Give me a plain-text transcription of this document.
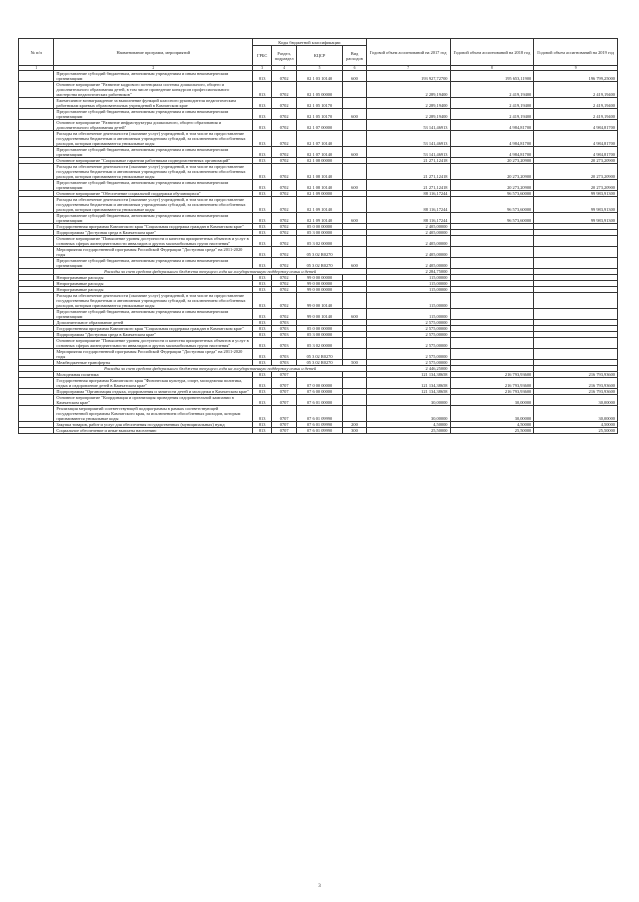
№ п/п	Наименование программ, мероприятий	Коды бюджетной классификации				Годовой объем ассигнований на 2017 год	Годовой объем ассигнований на 2018 год	Годовой объем ассигнований на 2019 год
		ГРБС	Раздел, подраздел	КЦСР	Вид расходов			
1	2	3	4	5	6	7	8	9
	Предоставление субсидий бюджетным, автономным учреждениям и иным некоммерческим организациям	813	0702	02 1 03 10140	600	193 927,72700	195 653,11900	196 799,25000
	Основное мероприятие "Развитие кадрового потенциала системы дошкольного, общего и дополнительного образования детей, в том числе проведение конкурсов профессионального мастерства педагогических работников"	813	0702	02 1 05 00000		2 289,19400	2 419,19400	2 419,19400
	Ежемесячное вознаграждение за выполнение функций классного руководителя педагогическим работникам краевых образовательных учреждений в Камчатском крае	813	0702	02 1 05 10170		2 289,19400	2 419,19400	2 419,19400
	Предоставление субсидий бюджетным, автономным учреждениям и иным некоммерческим организациям	813	0702	02 1 05 10170	600	2 289,19400	2 419,19400	2 419,19400
	Основное мероприятие "Развитие инфраструктуры дошкольного, общего образования и дополнительного образования детей"	813	0702	02 1 07 00000		53 141,46913	4 984,81700	4 984,81700
	Расходы на обеспечение деятельности (оказание услуг) учреждений, в том числе на предоставление государственным бюджетным и автономным учреждениям субсидий, за исключением обособленных расходов, которым присваиваются уникальные коды	813	0702	02 1 07 10140		53 141,46913	4 984,81700	4 984,81700
	Предоставление субсидий бюджетным, автономным учреждениям и иным некоммерческим организациям	813	0702	02 1 07 10140	600	53 141,46913	4 984,81700	4 984,81700
	Основное мероприятие "Социальные гарантии работникам подведомственных организаций"	813	0702	02 1 08 00000		21 271,12418	20 273,20900	20 273,20900
	Расходы на обеспечение деятельности (оказание услуг) учреждений, в том числе на предоставление государственным бюджетным и автономным учреждениям субсидий, за исключением обособленных расходов, которым присваиваются уникальные коды	813	0702	02 1 08 10140		21 271,12418	20 273,20900	20 273,20900
	Предоставление субсидий бюджетным, автономным учреждениям и иным некоммерческим организациям	813	0702	02 1 08 10140	600	21 271,12418	20 273,20900	20 273,20900
	Основное мероприятие "Обеспечение социальной поддержки обучающихся"	813	0702	02 1 09 00000		88 116,17244	96 573,60000	99 983,91300
	Расходы на обеспечение деятельности (оказание услуг) учреждений, в том числе на предоставление государственным бюджетным и автономным учреждениям субсидий, за исключением обособленных расходов, которым присваиваются уникальные коды	813	0702	02 1 09 10140		88 116,17244	96 573,60000	99 983,91300
	Предоставление субсидий бюджетным, автономным учреждениям и иным некоммерческим организациям	813	0702	02 1 09 10140	600	88 116,17244	96 573,60000	99 983,91300
	Государственная программа Камчатского края "Социальная поддержка граждан в Камчатском крае"	813	0702	05 0 00 00000		2 405,00000		
	Подпрограмма "Доступная среда в Камчатском крае"	813	0702	05 3 00 00000		2 405,00000		
	Основное мероприятие "Повышение уровня доступности и качества приоритетных объектов и услуг в основных сферах жизнедеятельности инвалидов и других маломобильных групп населения"	813	0702	05 3 02 00000		2 405,00000		
	Мероприятия государственной программы Российской Федерации "Доступная среда" на 2011-2020 годы	813	0702	05 3 02 R0270		2 405,00000		
	Предоставление субсидий бюджетным, автономным учреждениям и иным некоммерческим организациям	813	0702	05 3 02 R0270	600	2 405,00000		
	Расходы за счет средств федерального бюджета текущего года на государственную поддержку семьи и детей					2 284,75000		
	Непрограммные расходы	813	0702	99 0 00 00000		115,00000		
	Непрограммные расходы	813	0702	99 0 00 00000		115,00000		
	Непрограммные расходы	813	0702	99 0 00 00000		115,00000		
	Расходы на обеспечение деятельности (оказание услуг) учреждений, в том числе на предоставление государственным бюджетным и автономным учреждениям субсидий, за исключением обособленных расходов, которым присваиваются уникальные коды	813	0702	99 0 00 10140		115,00000		
	Предоставление субсидий бюджетным, автономным учреждениям и иным некоммерческим организациям	813	0702	99 0 00 10140	600	115,00000		
	Дополнительное образование детей	813	0703			2 575,00000		
	Государственная программа Камчатского края "Социальная поддержка граждан в Камчатском крае"	813	0703	05 0 00 00000		2 575,00000		
	Подпрограмма "Доступная среда в Камчатском крае"	813	0703	05 3 00 00000		2 575,00000		
	Основное мероприятие "Повышение уровня доступности и качества приоритетных объектов и услуг в основных сферах жизнедеятельности инвалидов и других маломобильных групп населения"	813	0703	05 3 02 00000		2 575,00000		
	Мероприятия государственной программы Российской Федерации "Доступная среда" на 2011-2020 годы	813	0703	05 3 02 R0270		2 575,00000		
	Межбюджетные трансферты	813	0703	05 3 02 R0270	500	2 575,00000		
	Расходы за счет средств федерального бюджета текущего года на государственную поддержку семьи и детей					2 446,25000		
	Молодежная политика	813	0707			121 134,38658	216 793,93600	216 793,93600
	Государственная программа Камчатского края "Физическая культура, спорт, молодежная политика, отдых и оздоровление детей в Камчатском крае"	813	0707	07 0 00 00000		121 134,38658	216 793,93600	216 793,93600
	Подпрограмма "Организация отдыха, оздоровления и занятости детей и молодежи в Камчатском крае"	813	0707	07 6 00 00000		121 134,38658	216 793,93600	216 793,93600
	Основное мероприятие "Координация и организация проведения оздоровительной кампании в Камчатском крае"	813	0707	07 6 01 00000		30,00000	30,00000	30,00000
	Реализация мероприятий соответствующей подпрограммы в рамках соответствующей государственной программы Камчатского края, за исключением обособленных расходов, которым присваиваются уникальные коды	813	0707	07 6 01 09990		30,00000	30,00000	30,00000
	Закупка товаров, работ и услуг для обеспечения государственных (муниципальных) нужд	813	0707	07 6 01 09990	200	4,50000	4,50000	4,50000
	Социальное обеспечение и иные выплаты населению	813	0707	07 6 01 09990	300	25,50000	25,50000	25,50000
3
